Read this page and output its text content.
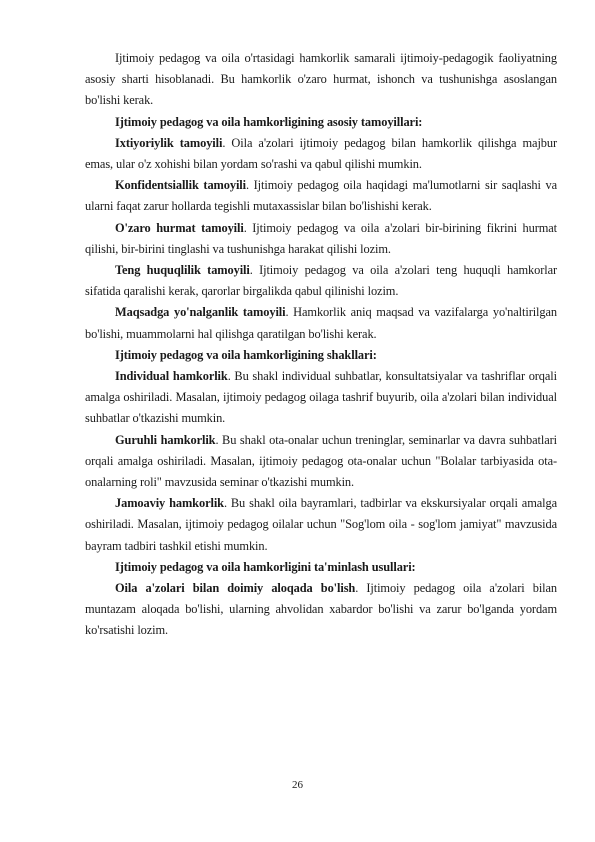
Ijtimoiy pedagog va oila o'rtasidagi hamkorlik samarali ijtimoiy-pedagogik faoliyatning asosiy sharti hisoblanadi. Bu hamkorlik o'zaro hurmat, ishonch va tushunishga asoslangan bo'lishi kerak.

Ijtimoiy pedagog va oila hamkorligining asosiy tamoyillari:

Ixtiyoriylik tamoyili. Oila a'zolari ijtimoiy pedagog bilan hamkorlik qilishga majbur emas, ular o'z xohishi bilan yordam so'rashi va qabul qilishi mumkin.

Konfidentsiallik tamoyili. Ijtimoiy pedagog oila haqidagi ma'lumotlarni sir saqlashi va ularni faqat zarur hollarda tegishli mutaxassislar bilan bo'lishishi kerak.

O'zaro hurmat tamoyili. Ijtimoiy pedagog va oila a'zolari bir-birining fikrini hurmat qilishi, bir-birini tinglashi va tushunishga harakat qilishi lozim.

Teng huquqlilik tamoyili. Ijtimoiy pedagog va oila a'zolari teng huquqli hamkorlar sifatida qaralishi kerak, qarorlar birgalikda qabul qilinishi lozim.

Maqsadga yo'nalganlik tamoyili. Hamkorlik aniq maqsad va vazifalarga yo'naltirilgan bo'lishi, muammolarni hal qilishga qaratilgan bo'lishi kerak.

Ijtimoiy pedagog va oila hamkorligining shakllari:

Individual hamkorlik. Bu shakl individual suhbatlar, konsultatsiyalar va tashriflar orqali amalga oshiriladi. Masalan, ijtimoiy pedagog oilaga tashrif buyurib, oila a'zolari bilan individual suhbatlar o'tkazishi mumkin.

Guruhli hamkorlik. Bu shakl ota-onalar uchun treninglar, seminarlar va davra suhbatlari orqali amalga oshiriladi. Masalan, ijtimoiy pedagog ota-onalar uchun "Bolalar tarbiyasida ota-onalarning roli" mavzusida seminar o'tkazishi mumkin.

Jamoaviy hamkorlik. Bu shakl oila bayramlari, tadbirlar va ekskursiyalar orqali amalga oshiriladi. Masalan, ijtimoiy pedagog oilalar uchun "Sog'lom oila - sog'lom jamiyat" mavzusida bayram tadbiri tashkil etishi mumkin.

Ijtimoiy pedagog va oila hamkorligini ta'minlash usullari:

Oila a'zolari bilan doimiy aloqada bo'lish. Ijtimoiy pedagog oila a'zolari bilan muntazam aloqada bo'lishi, ularning ahvolidan xabardor bo'lishi va zarur bo'lganda yordam ko'rsatishi lozim.

26
